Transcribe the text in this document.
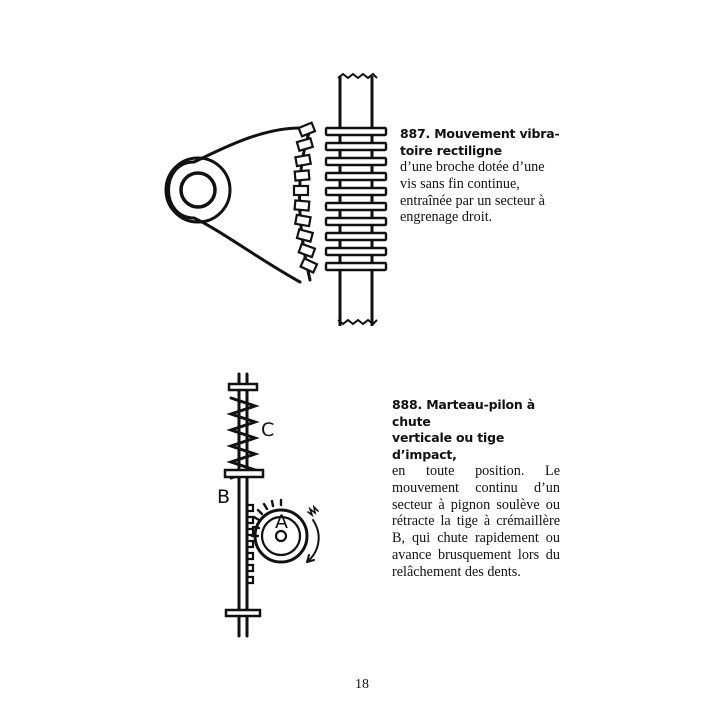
887. Mouvement vibra-
toire rectiligne
d’une broche dotée d’une
vis sans fin continue,
entraînée par un secteur à
engrenage droit.
A
B
C
888. Marteau-pilon à chute
verticale ou tige d’impact,
en toute position. Le mouvement continu d’un secteur à pignon soulève ou rétracte la tige à crémaillère B, qui chute rapidement ou avance brusquement lors du relâchement des dents.
18
